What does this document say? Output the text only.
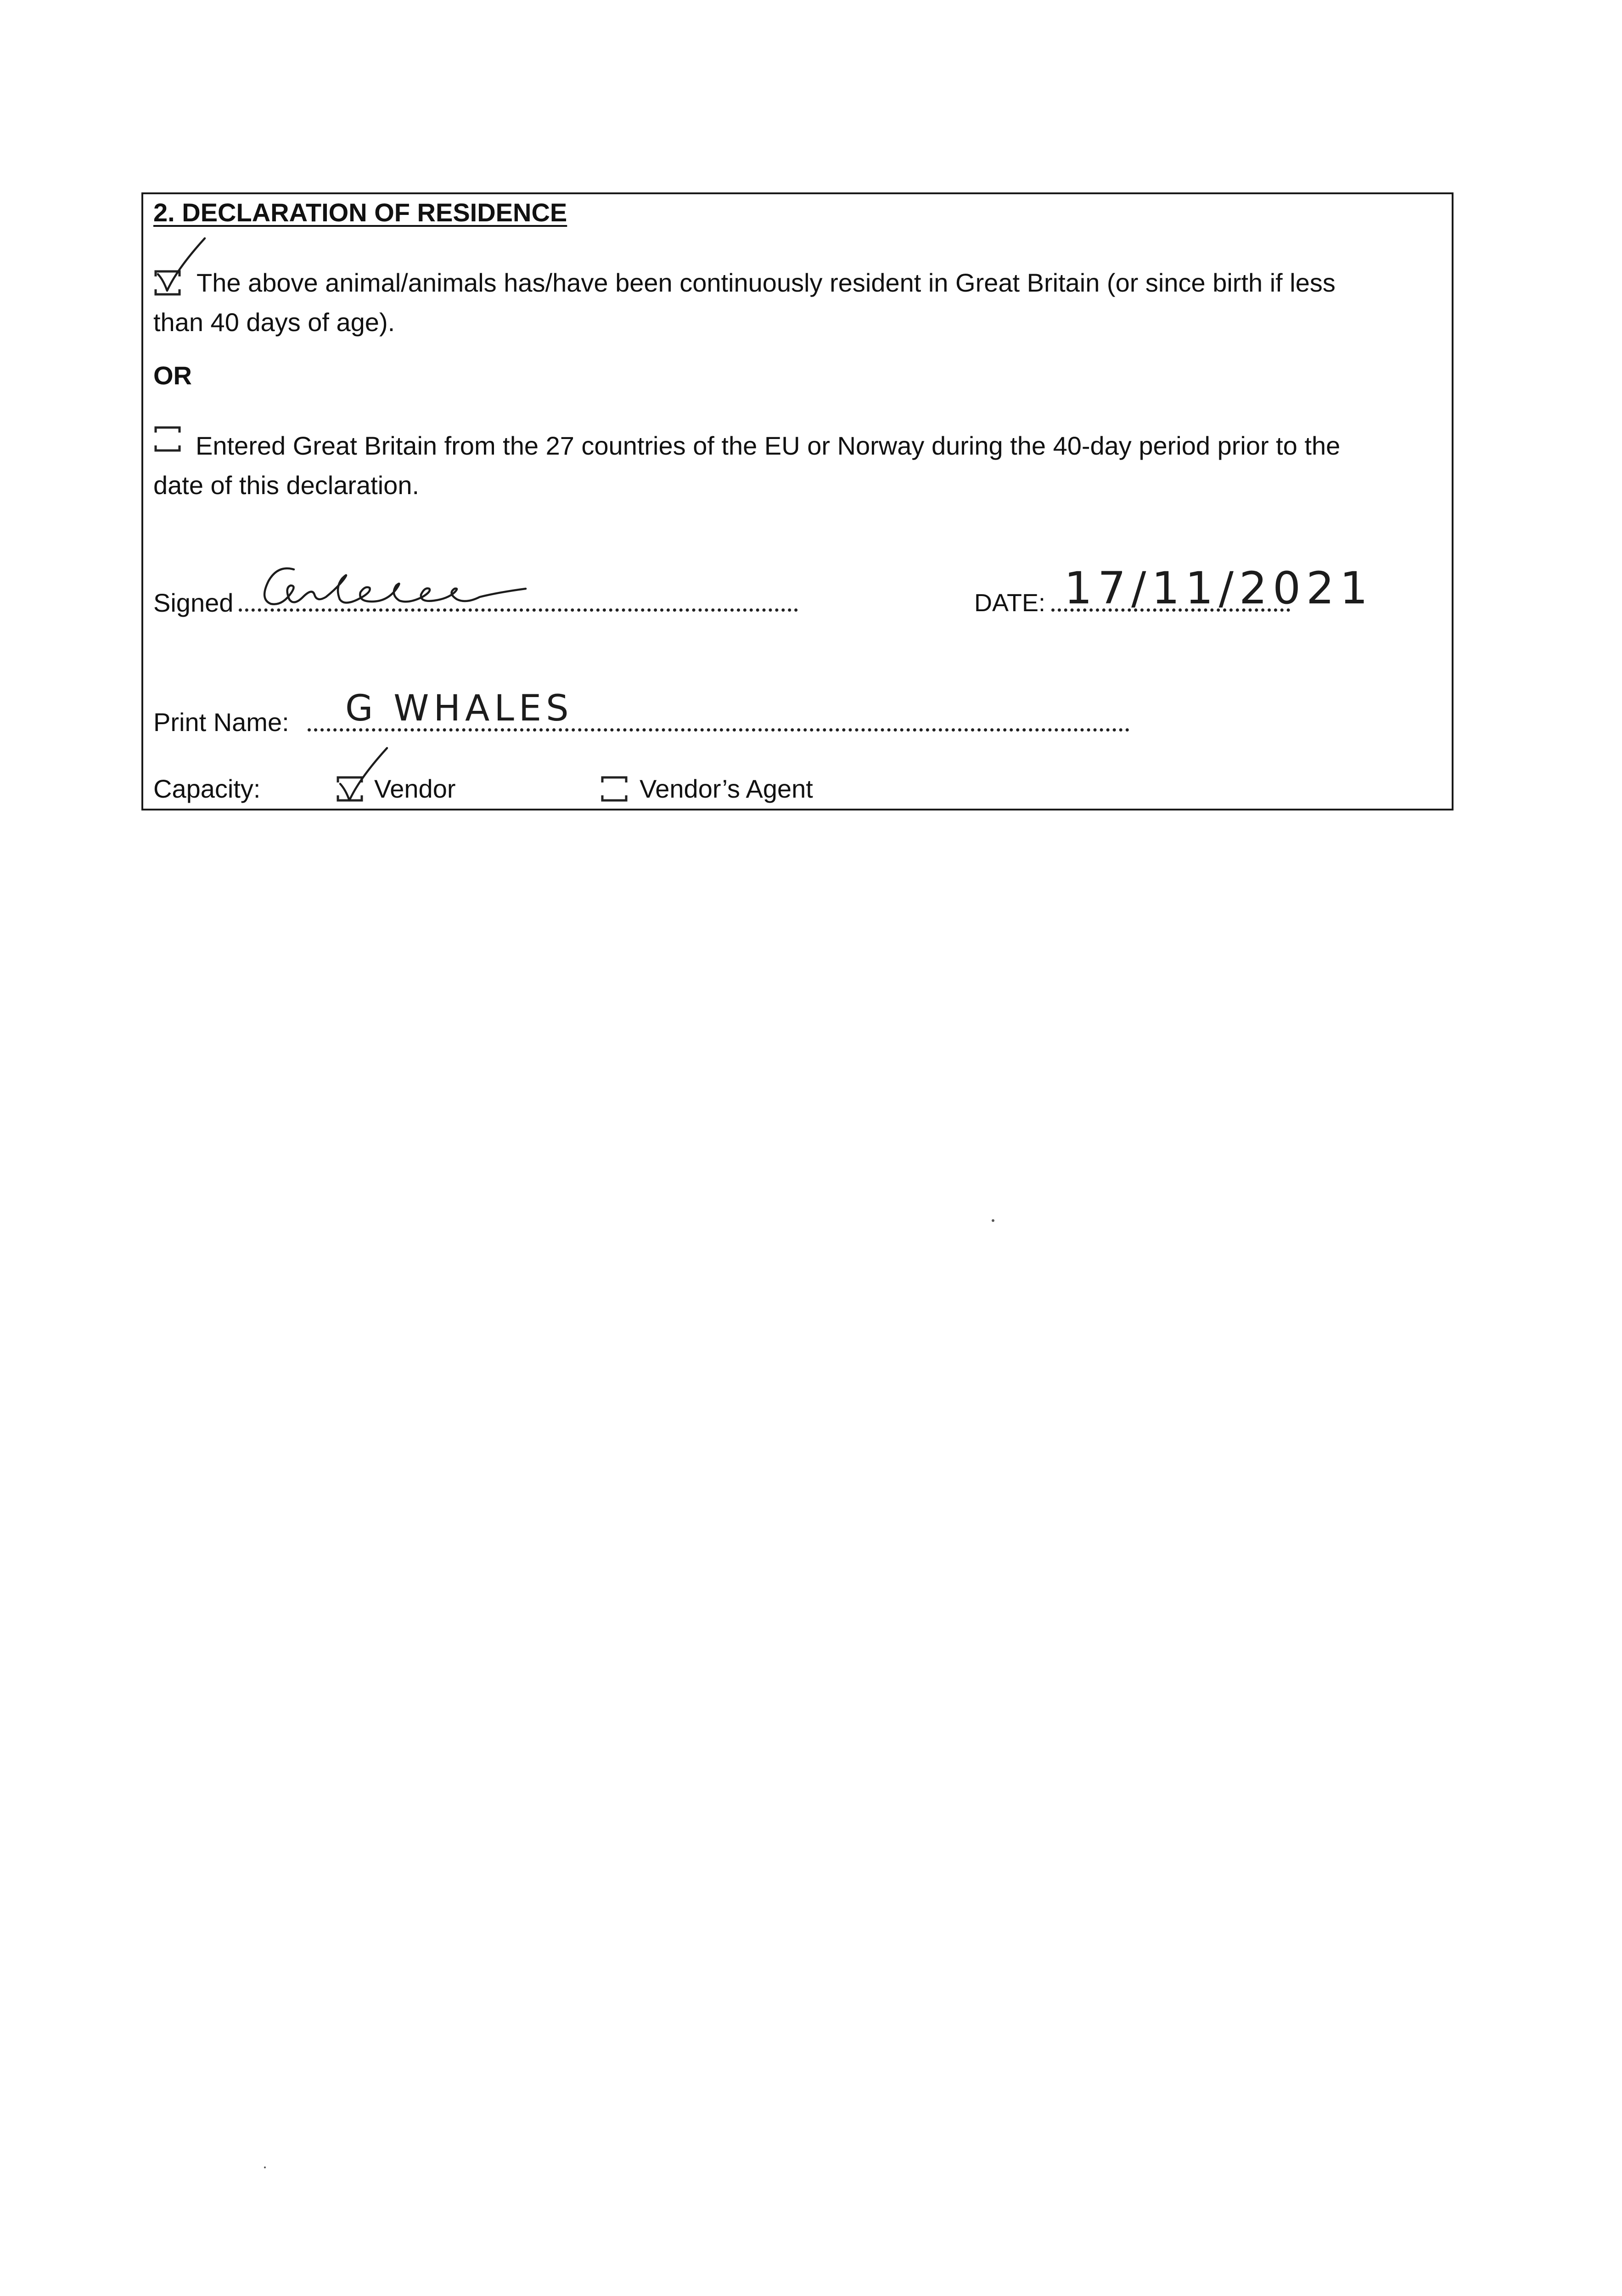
2. DECLARATION OF RESIDENCE
The above animal/animals has/have been continuously resident in Great Britain (or since birth if less
than 40 days of age).
OR
Entered Great Britain from the 27 countries of the EU or Norway during the 40-day period prior to the
date of this declaration.
Signed	DATE: 17/11/2021
Print Name: G WHALES
Capacity:	Vendor	Vendor’s Agent
